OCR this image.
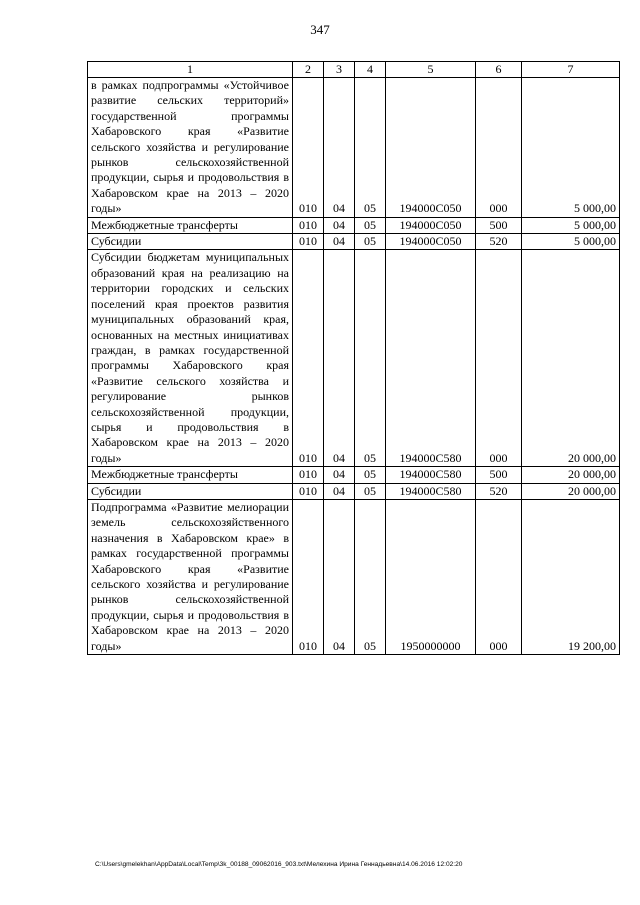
347
1	2	3	4	5	6	7
в рамках подпрограммы «Устойчивое развитие сельских территорий» государственной программы Хабаровского края «Развитие сельского хозяйства и регулирование рынков сельскохозяйственной продукции, сырья и продовольствия в Хабаровском крае на 2013 – 2020 годы»	010	04	05	194000С050	000	5 000,00
Межбюджетные трансферты	010	04	05	194000С050	500	5 000,00
Субсидии	010	04	05	194000С050	520	5 000,00
Субсидии бюджетам муниципальных образований края на реализацию на территории городских и сельских поселений края проектов развития муниципальных образований края, основанных на местных инициативах граждан, в рамках государственной программы Хабаровского края «Развитие сельского хозяйства и регулирование рынков сельскохозяйственной продукции, сырья и продовольствия в Хабаровском крае на 2013 – 2020 годы»	010	04	05	194000С580	000	20 000,00
Межбюджетные трансферты	010	04	05	194000С580	500	20 000,00
Субсидии	010	04	05	194000С580	520	20 000,00
Подпрограмма «Развитие мелиорации земель сельскохозяйственного назначения в Хабаровском крае» в рамках государственной программы Хабаровского края «Развитие сельского хозяйства и регулирование рынков сельскохозяйственной продукции, сырья и продовольствия в Хабаровском крае на 2013 – 2020 годы»	010	04	05	1950000000	000	19 200,00
C:\Users\gmelekhan\AppData\Local\Temp\3k_00188_09062016_903.txt\Мелехина Ирина Геннадьевна\14.06.2016 12:02:20
